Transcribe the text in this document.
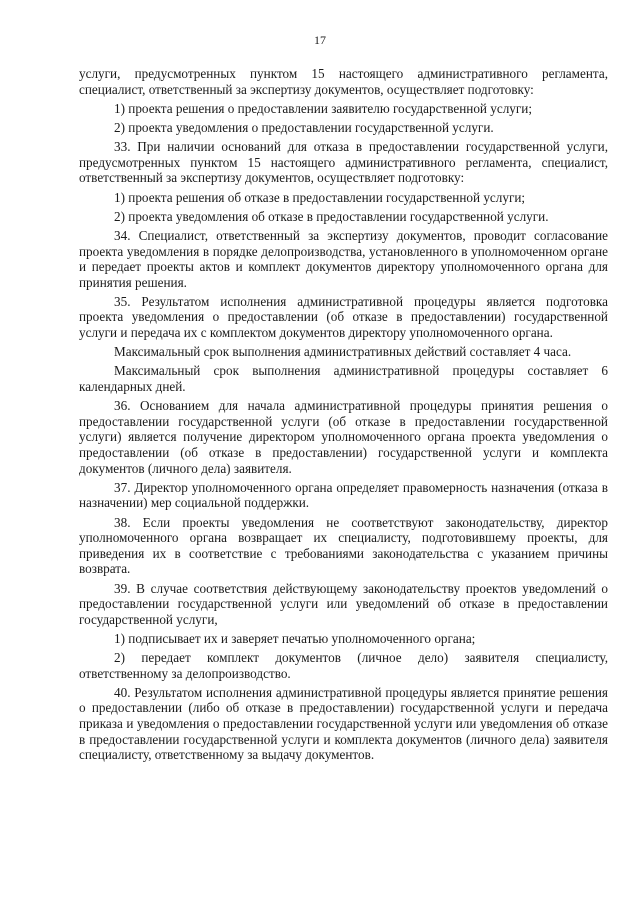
17

услуги, предусмотренных пунктом 15 настоящего административного регламента, специалист, ответственный за экспертизу документов, осуществляет подготовку:

1) проекта решения о предоставлении заявителю государственной услуги;

2) проекта уведомления о предоставлении государственной услуги.

33. При наличии оснований для отказа в предоставлении государственной услуги, предусмотренных пунктом 15 настоящего административного регламента, специалист, ответственный за экспертизу документов, осуществляет подготовку:

1) проекта решения об отказе в предоставлении государственной услуги;

2) проекта уведомления об отказе в предоставлении государственной услуги.

34. Специалист, ответственный за экспертизу документов, проводит согласование проекта уведомления в порядке делопроизводства, установленного в уполномоченном органе и передает проекты актов и комплект документов директору уполномоченного органа для принятия решения.

35. Результатом исполнения административной процедуры является подготовка проекта уведомления о предоставлении (об отказе в предоставлении) государственной услуги и передача их с комплектом документов директору уполномоченного органа.

Максимальный срок выполнения административных действий составляет 4 часа.

Максимальный срок выполнения административной процедуры составляет 6 календарных дней.

36. Основанием для начала административной процедуры принятия решения о предоставлении государственной услуги (об отказе в предоставлении государственной услуги) является получение директором уполномоченного органа проекта уведомления о предоставлении (об отказе в предоставлении) государственной услуги и комплекта документов (личного дела) заявителя.

37. Директор уполномоченного органа определяет правомерность назначения (отказа в назначении) мер социальной поддержки.

38. Если проекты уведомления не соответствуют законодательству, директор уполномоченного органа возвращает их специалисту, подготовившему проекты, для приведения их в соответствие с требованиями законодательства с указанием причины возврата.

39. В случае соответствия действующему законодательству проектов уведомлений о предоставлении государственной услуги или уведомлений об отказе в предоставлении государственной услуги,

1) подписывает их и заверяет печатью уполномоченного органа;

2) передает комплект документов (личное дело) заявителя специалисту, ответственному за делопроизводство.

40. Результатом исполнения административной процедуры является принятие решения о предоставлении (либо об отказе в предоставлении) государственной услуги и передача приказа и уведомления о предоставлении государственной услуги или уведомления об отказе в предоставлении государственной услуги и комплекта документов (личного дела) заявителя специалисту, ответственному за выдачу документов.
